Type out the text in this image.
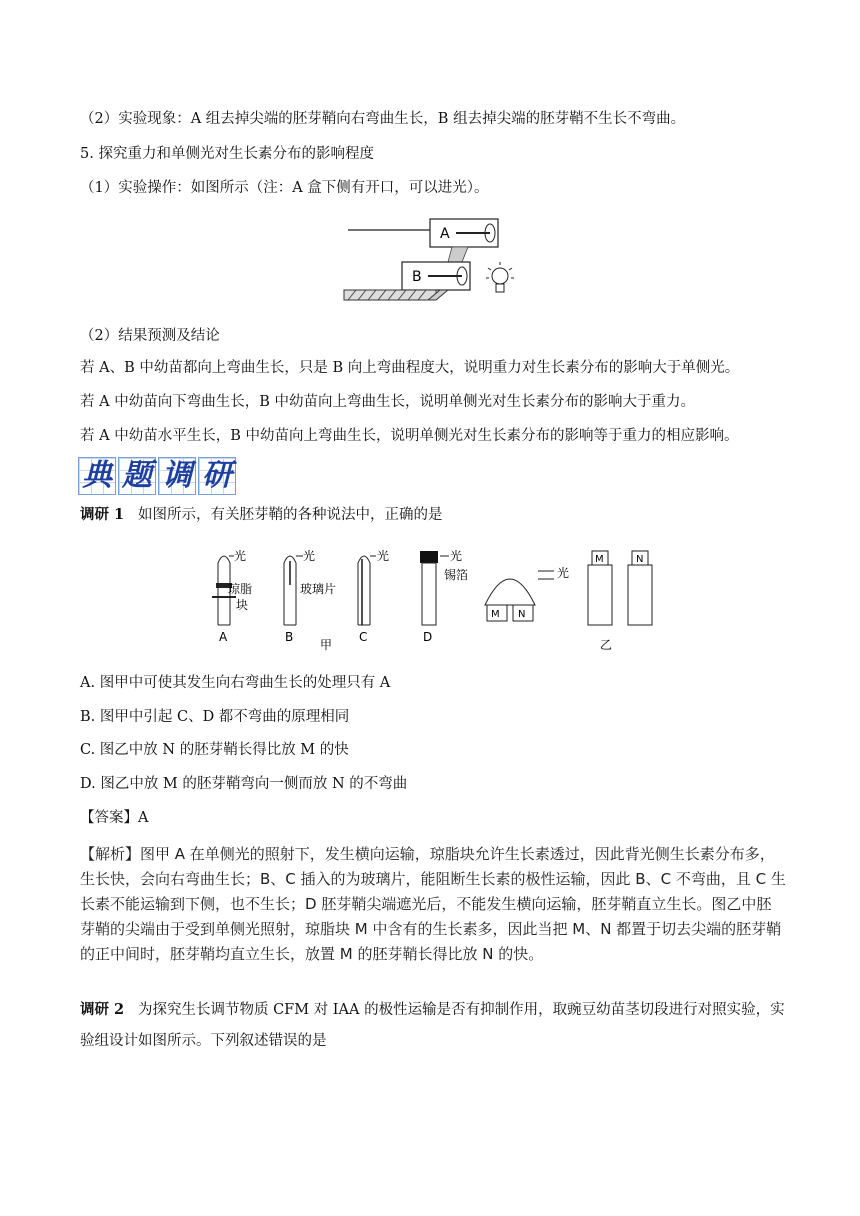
（2）实验现象：A 组去掉尖端的胚芽鞘向右弯曲生长，B 组去掉尖端的胚芽鞘不生长不弯曲。
5. 探究重力和单侧光对生长素分布的影响程度
（1）实验操作：如图所示（注：A 盒下侧有开口，可以进光）。
A
B
（2）结果预测及结论
若 A、B 中幼苗都向上弯曲生长，只是 B 向上弯曲程度大，说明重力对生长素分布的影响大于单侧光。
若 A 中幼苗向下弯曲生长，B 中幼苗向上弯曲生长，说明单侧光对生长素分布的影响大于重力。
若 A 中幼苗水平生长，B 中幼苗向上弯曲生长，说明单侧光对生长素分布的影响等于重力的相应影响。
典 题 调 研
调研 1 如图所示，有关胚芽鞘的各种说法中，正确的是
光
琼脂
块
A
光
玻璃片
B
光
C
光
锡箔
D
甲
M N
光
M	N
乙
A. 图甲中可使其发生向右弯曲生长的处理只有 A
B. 图甲中引起 C、D 都不弯曲的原理相同
C. 图乙中放 N 的胚芽鞘长得比放 M 的快
D. 图乙中放 M 的胚芽鞘弯向一侧而放 N 的不弯曲
【答案】A
【解析】图甲 A 在单侧光的照射下，发生横向运输，琼脂块允许生长素透过，因此背光侧生长素分布多，
生长快，会向右弯曲生长；B、C 插入的为玻璃片，能阻断生长素的极性运输，因此 B、C 不弯曲，且 C 生
长素不能运输到下侧，也不生长；D 胚芽鞘尖端遮光后，不能发生横向运输，胚芽鞘直立生长。图乙中胚
芽鞘的尖端由于受到单侧光照射，琼脂块 M 中含有的生长素多，因此当把 M、N 都置于切去尖端的胚芽鞘
的正中间时，胚芽鞘均直立生长，放置 M 的胚芽鞘长得比放 N 的快。
调研 2 为探究生长调节物质 CFM 对 IAA 的极性运输是否有抑制作用，取豌豆幼苗茎切段进行对照实验，实
验组设计如图所示。下列叙述错误的是
